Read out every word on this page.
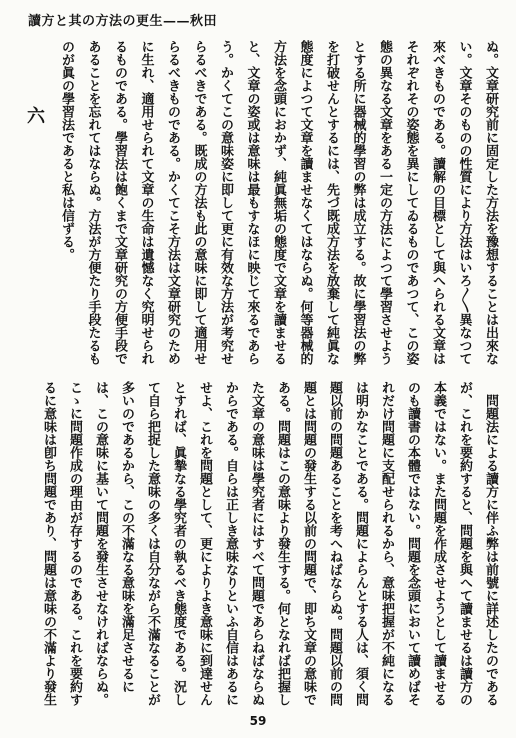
讀方と其の方法の更生——秋田
ぬ。文章研究前に固定した方法を豫想することは出來な
い。文章そのものの性質により方法はいろ〳〵異なつて
來べきものである。讀解の目標として與へられる文章は
それぞれその姿態を異にしてゐるものであつて、この姿
態の異なる文章をある一定の方法によつて學習させよう
とする所に器械的學習の弊は成立する。故に學習法の弊
を打破せんとするには、先づ既成方法を放棄して純眞な
態度によつて文章を讀ませなくてはならぬ。何等器械的
方法を念頭におかず、純眞無垢の態度で文章を讀ませる
と、文章の姿或は意味は最もすなほに映じて來るであら
う。かくてこの意味姿に即して更に有效な方法が考究せ
らるべきである。既成の方法も此の意味に即して適用せ
らるべきものである。かくてこそ方法は文章研究のため
に生れ、適用せられて文章の生命は遺憾なく究明せられ
るものである。學習法は飽くまで文章研究の方便手段で
あることを忘れてはならぬ。方法が方便たり手段たるも
のが眞の學習法であると私は信ずる。
六
問題法による讀方に伴ふ弊は前號に詳述したのである
が、これを要約すると、問題を與へて讀ませるは讀方の
本義ではない。また問題を作成させようとして讀ませる
のも讀書の本體ではない。問題を念頭において讀めばそ
れだけ問題に支配せられるから、意味把握が不純になる
は明かなことである。問題によらんとする人は、須く問
題以前の問題あることを考へねばならぬ。問題以前の問
題とは問題の發生する以前の問題で、即ち文章の意味で
ある。問題はこの意味より發生する。何となれば把握し
た文章の意味は學究者にはすべて問題であらねばならぬ
からである。自らは正しき意味なりといふ自信はあるに
せよ、これを問題として、更によりよき意味に到達せん
とすれば、眞摯なる學究者の執るべき態度である。況し
て自ら把捉した意味の多くは自分ながら不滿なることが
多いのであるから、この不滿なる意味を滿足させるに
は、この意味に基いて問題を發生させなければならぬ。
こゝに問題作成の理由が存するのである。これを要約す
るに意味は卽ち問題であり、問題は意味の不滿より發生
59
